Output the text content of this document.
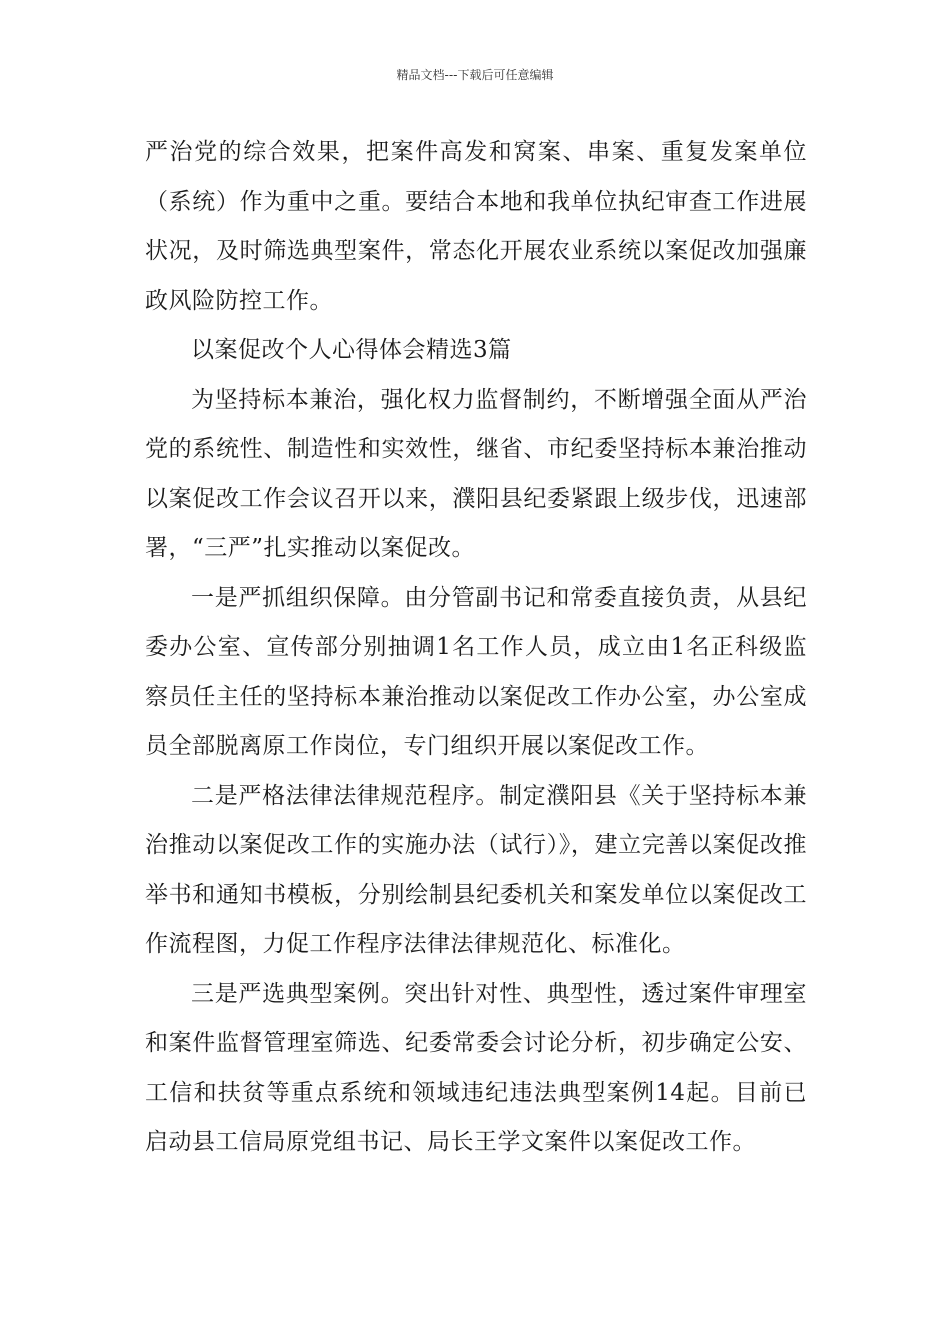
精品文档---下载后可任意编辑

严治党的综合效果，把案件高发和窝案、串案、重复发案单位（系统）作为重中之重。要结合本地和我单位执纪审查工作进展状况，及时筛选典型案件，常态化开展农业系统以案促改加强廉政风险防控工作。

以案促改个人心得体会精选3篇

为坚持标本兼治，强化权力监督制约，不断增强全面从严治党的系统性、制造性和实效性，继省、市纪委坚持标本兼治推动以案促改工作会议召开以来，濮阳县纪委紧跟上级步伐，迅速部署，“三严”扎实推动以案促改。

一是严抓组织保障。由分管副书记和常委直接负责，从县纪委办公室、宣传部分别抽调1名工作人员，成立由1名正科级监察员任主任的坚持标本兼治推动以案促改工作办公室，办公室成员全部脱离原工作岗位，专门组织开展以案促改工作。

二是严格法律法律规范程序。制定濮阳县《关于坚持标本兼治推动以案促改工作的实施办法（试行）》，建立完善以案促改推举书和通知书模板，分别绘制县纪委机关和案发单位以案促改工作流程图，力促工作程序法律法律规范化、标准化。

三是严选典型案例。突出针对性、典型性，透过案件审理室和案件监督管理室筛选、纪委常委会讨论分析，初步确定公安、工信和扶贫等重点系统和领域违纪违法典型案例14起。目前已启动县工信局原党组书记、局长王学文案件以案促改工作。
